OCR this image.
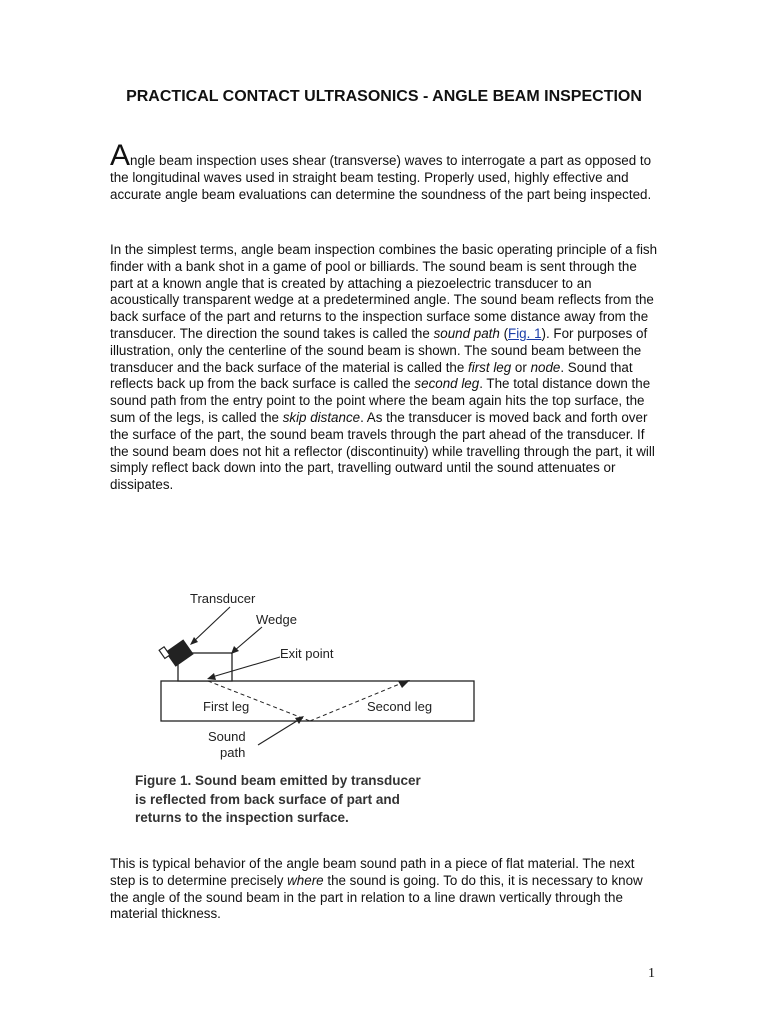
PRACTICAL CONTACT ULTRASONICS - ANGLE BEAM INSPECTION

Angle beam inspection uses shear (transverse) waves to interrogate a part as opposed to the longitudinal waves used in straight beam testing. Properly used, highly effective and accurate angle beam evaluations can determine the soundness of the part being inspected.

In the simplest terms, angle beam inspection combines the basic operating principle of a fish finder with a bank shot in a game of pool or billiards. The sound beam is sent through the part at a known angle that is created by attaching a piezoelectric transducer to an acoustically transparent wedge at a predetermined angle. The sound beam reflects from the back surface of the part and returns to the inspection surface some distance away from the transducer. The direction the sound takes is called the sound path (Fig. 1). For purposes of illustration, only the centerline of the sound beam is shown. The sound beam between the transducer and the back surface of the material is called the first leg or node. Sound that reflects back up from the back surface is called the second leg. The total distance down the sound path from the entry point to the point where the beam again hits the top surface, the sum of the legs, is called the skip distance. As the transducer is moved back and forth over the surface of the part, the sound beam travels through the part ahead of the transducer. If the sound beam does not hit a reflector (discontinuity) while travelling through the part, it will simply reflect back down into the part, travelling outward until the sound attenuates or dissipates.

Transducer
Wedge
Exit point
First leg	Second leg
Sound
path
Figure 1. Sound beam emitted by transducer
is reflected from back surface of part and
returns to the inspection surface.

This is typical behavior of the angle beam sound path in a piece of flat material. The next step is to determine precisely where the sound is going. To do this, it is necessary to know the angle of the sound beam in the part in relation to a line drawn vertically through the material thickness.

1
